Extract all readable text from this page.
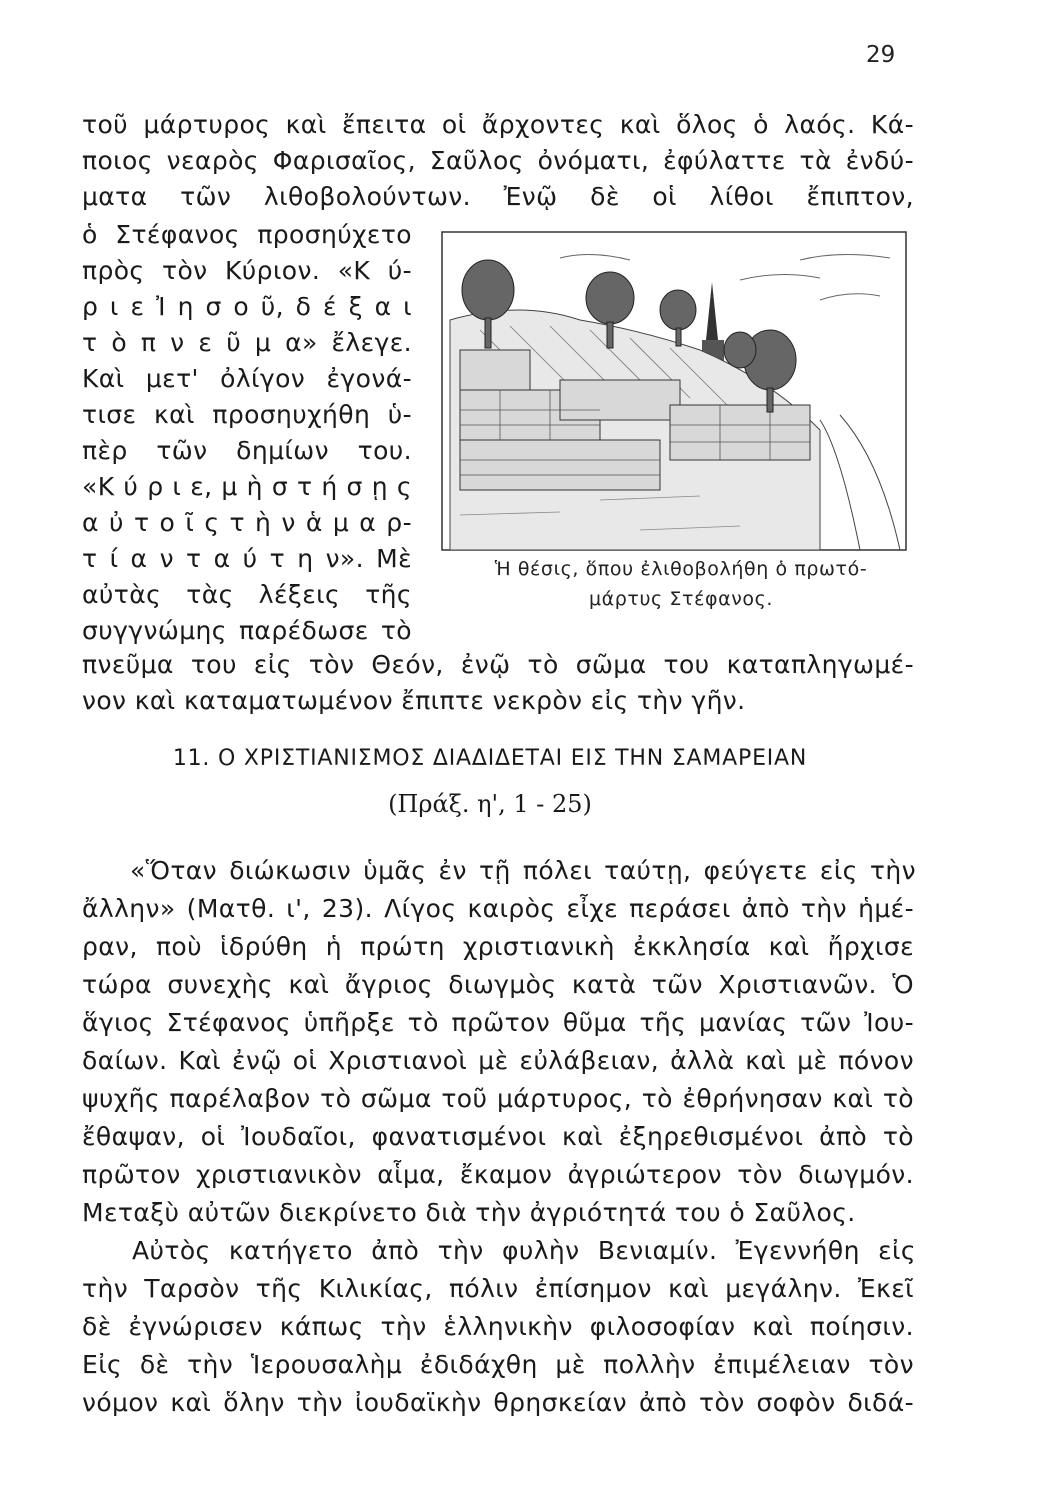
29
τοῦ μάρτυρος καὶ ἔπειτα οἱ ἄρχοντες καὶ ὅλος ὁ λαός. Κά-
ποιος νεαρὸς Φαρισαῖος, Σαῦλος ὀνόματι, ἐφύλαττε τὰ ἐνδύ-
ματα τῶν λιθοβολούντων. Ἐνῷ δὲ οἱ λίθοι ἔπιπτον,
ὁ Στέφανος προσηύχετο
πρὸς τὸν Κύριον. «Κ ύ-
ρ ι ε Ἰ η σ ο ῦ, δ έ ξ α ι
τ ὸ π ν ε ῦ μ α» ἔλεγε.
Καὶ μετ' ὀλίγον ἐγονά-
τισε καὶ προσηυχήθη ὑ-
πὲρ τῶν δημίων του.
«Κ ύ ρ ι ε, μ ὴ σ τ ή σ ῃ ς
α ὐ τ ο ῖ ς τ ὴ ν ἁ μ α ρ-
τ ί α ν τ α ύ τ η ν». Μὲ
αὐτὰς τὰς λέξεις τῆς
συγγνώμης παρέδωσε τὸ
Ἡ θέσις, ὅπου ἐλιθοβολήθη ὁ πρωτό-
μάρτυς Στέφανος.
πνεῦμα του εἰς τὸν Θεόν, ἐνῷ τὸ σῶμα του καταπληγωμέ-
νον καὶ καταματωμένον ἔπιπτε νεκρὸν εἰς τὴν γῆν.
11. Ο ΧΡΙΣΤΙΑΝΙΣΜΟΣ ΔΙΑΔΙΔΕΤΑΙ ΕΙΣ ΤΗΝ ΣΑΜΑΡΕΙΑΝ
(Πράξ. η', 1 - 25)
«Ὅταν διώκωσιν ὑμᾶς ἐν τῇ πόλει ταύτῃ, φεύγετε εἰς τὴν
ἄλλην» (Ματθ. ι', 23). Λίγος καιρὸς εἶχε περάσει ἀπὸ τὴν ἡμέ-
ραν, ποὺ ἱδρύθη ἡ πρώτη χριστιανικὴ ἐκκλησία καὶ ἤρχισε
τώρα συνεχὴς καὶ ἄγριος διωγμὸς κατὰ τῶν Χριστιανῶν. Ὁ
ἅγιος Στέφανος ὑπῆρξε τὸ πρῶτον θῦμα τῆς μανίας τῶν Ἰου-
δαίων. Καὶ ἐνῷ οἱ Χριστιανοὶ μὲ εὐλάβειαν, ἀλλὰ καὶ μὲ πόνον
ψυχῆς παρέλαβον τὸ σῶμα τοῦ μάρτυρος, τὸ ἐθρήνησαν καὶ τὸ
ἔθαψαν, οἱ Ἰουδαῖοι, φανατισμένοι καὶ ἐξηρεθισμένοι ἀπὸ τὸ
πρῶτον χριστιανικὸν αἷμα, ἔκαμον ἀγριώτερον τὸν διωγμόν.
Μεταξὺ αὐτῶν διεκρίνετο διὰ τὴν ἀγριότητά του ὁ Σαῦλος.
Αὐτὸς κατήγετο ἀπὸ τὴν φυλὴν Βενιαμίν. Ἐγεννήθη εἰς
τὴν Ταρσὸν τῆς Κιλικίας, πόλιν ἐπίσημον καὶ μεγάλην. Ἐκεῖ
δὲ ἐγνώρισεν κάπως τὴν ἑλληνικὴν φιλοσοφίαν καὶ ποίησιν.
Εἰς δὲ τὴν Ἱερουσαλὴμ ἐδιδάχθη μὲ πολλὴν ἐπιμέλειαν τὸν
νόμον καὶ ὅλην τὴν ἰουδαϊκὴν θρησκείαν ἀπὸ τὸν σοφὸν διδά-
